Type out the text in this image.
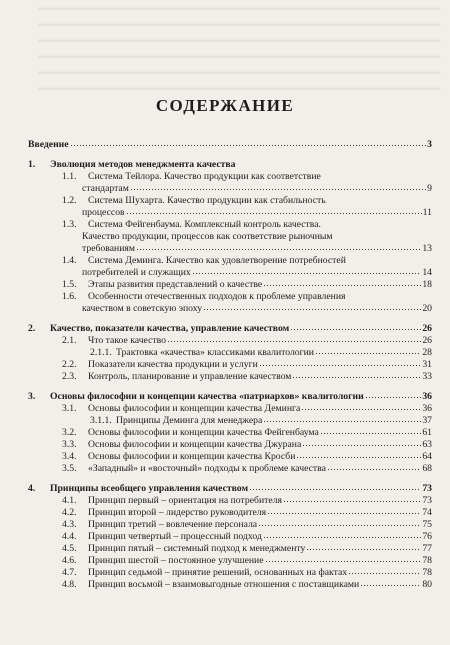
СОДЕРЖАНИЕ
Введение	3
1.	Эволюция методов менеджмента качества
1.1.	Система Тейлора. Качество продукции как соответствие
стандартам	9
1.2.	Система Шухарта. Качество продукции как стабильность
процессов	11
1.3.	Система Фейгенбаума. Комплексный контроль качества.
Качество продукции, процессов как соответствие рыночным
требованиям	13
1.4.	Система Деминга. Качество как удовлетворение потребностей
потребителей и служащих	14
1.5.	Этапы развития представлений о качестве	18
1.6.	Особенности отечественных подходов к проблеме управления
качеством в советскую эпоху	20
2.	Качество, показатели качества, управление качеством	26
2.1.	Что такое качество	26
2.1.1. Трактовка «качества» классиками квалитологии	28
2.2.	Показатели качества продукции и услуги	31
2.3.	Контроль, планирование и управление качеством	33
3.	Основы философии и концепции качества «патриархов» квалитологии	36
3.1.	Основы философии и концепции качества Деминга	36
3.1.1. Принципы Деминга для менеджера	37
3.2.	Основы философии и концепции качества Фейгенбаума	61
3.3.	Основы философии и концепции качества Джурана	63
3.4.	Основы философии и концепции качества Кросби	64
3.5.	«Западный» и «восточный» подходы к проблеме качества	68
4.	Принципы всеобщего управления качеством	73
4.1.	Принцип первый – ориентация на потребителя	73
4.2.	Принцип второй – лидерство руководителя	74
4.3.	Принцип третий – вовлечение персонала	75
4.4.	Принцип четвертый – процессный подход	76
4.5.	Принцип пятый – системный подход к менеджменту	77
4.6.	Принцип шестой – постоянное улучшение	78
4.7.	Принцип седьмой – принятие решений, основанных на фактах	78
4.8.	Принцип восьмой – взаимовыгодные отношения с поставщиками	80
